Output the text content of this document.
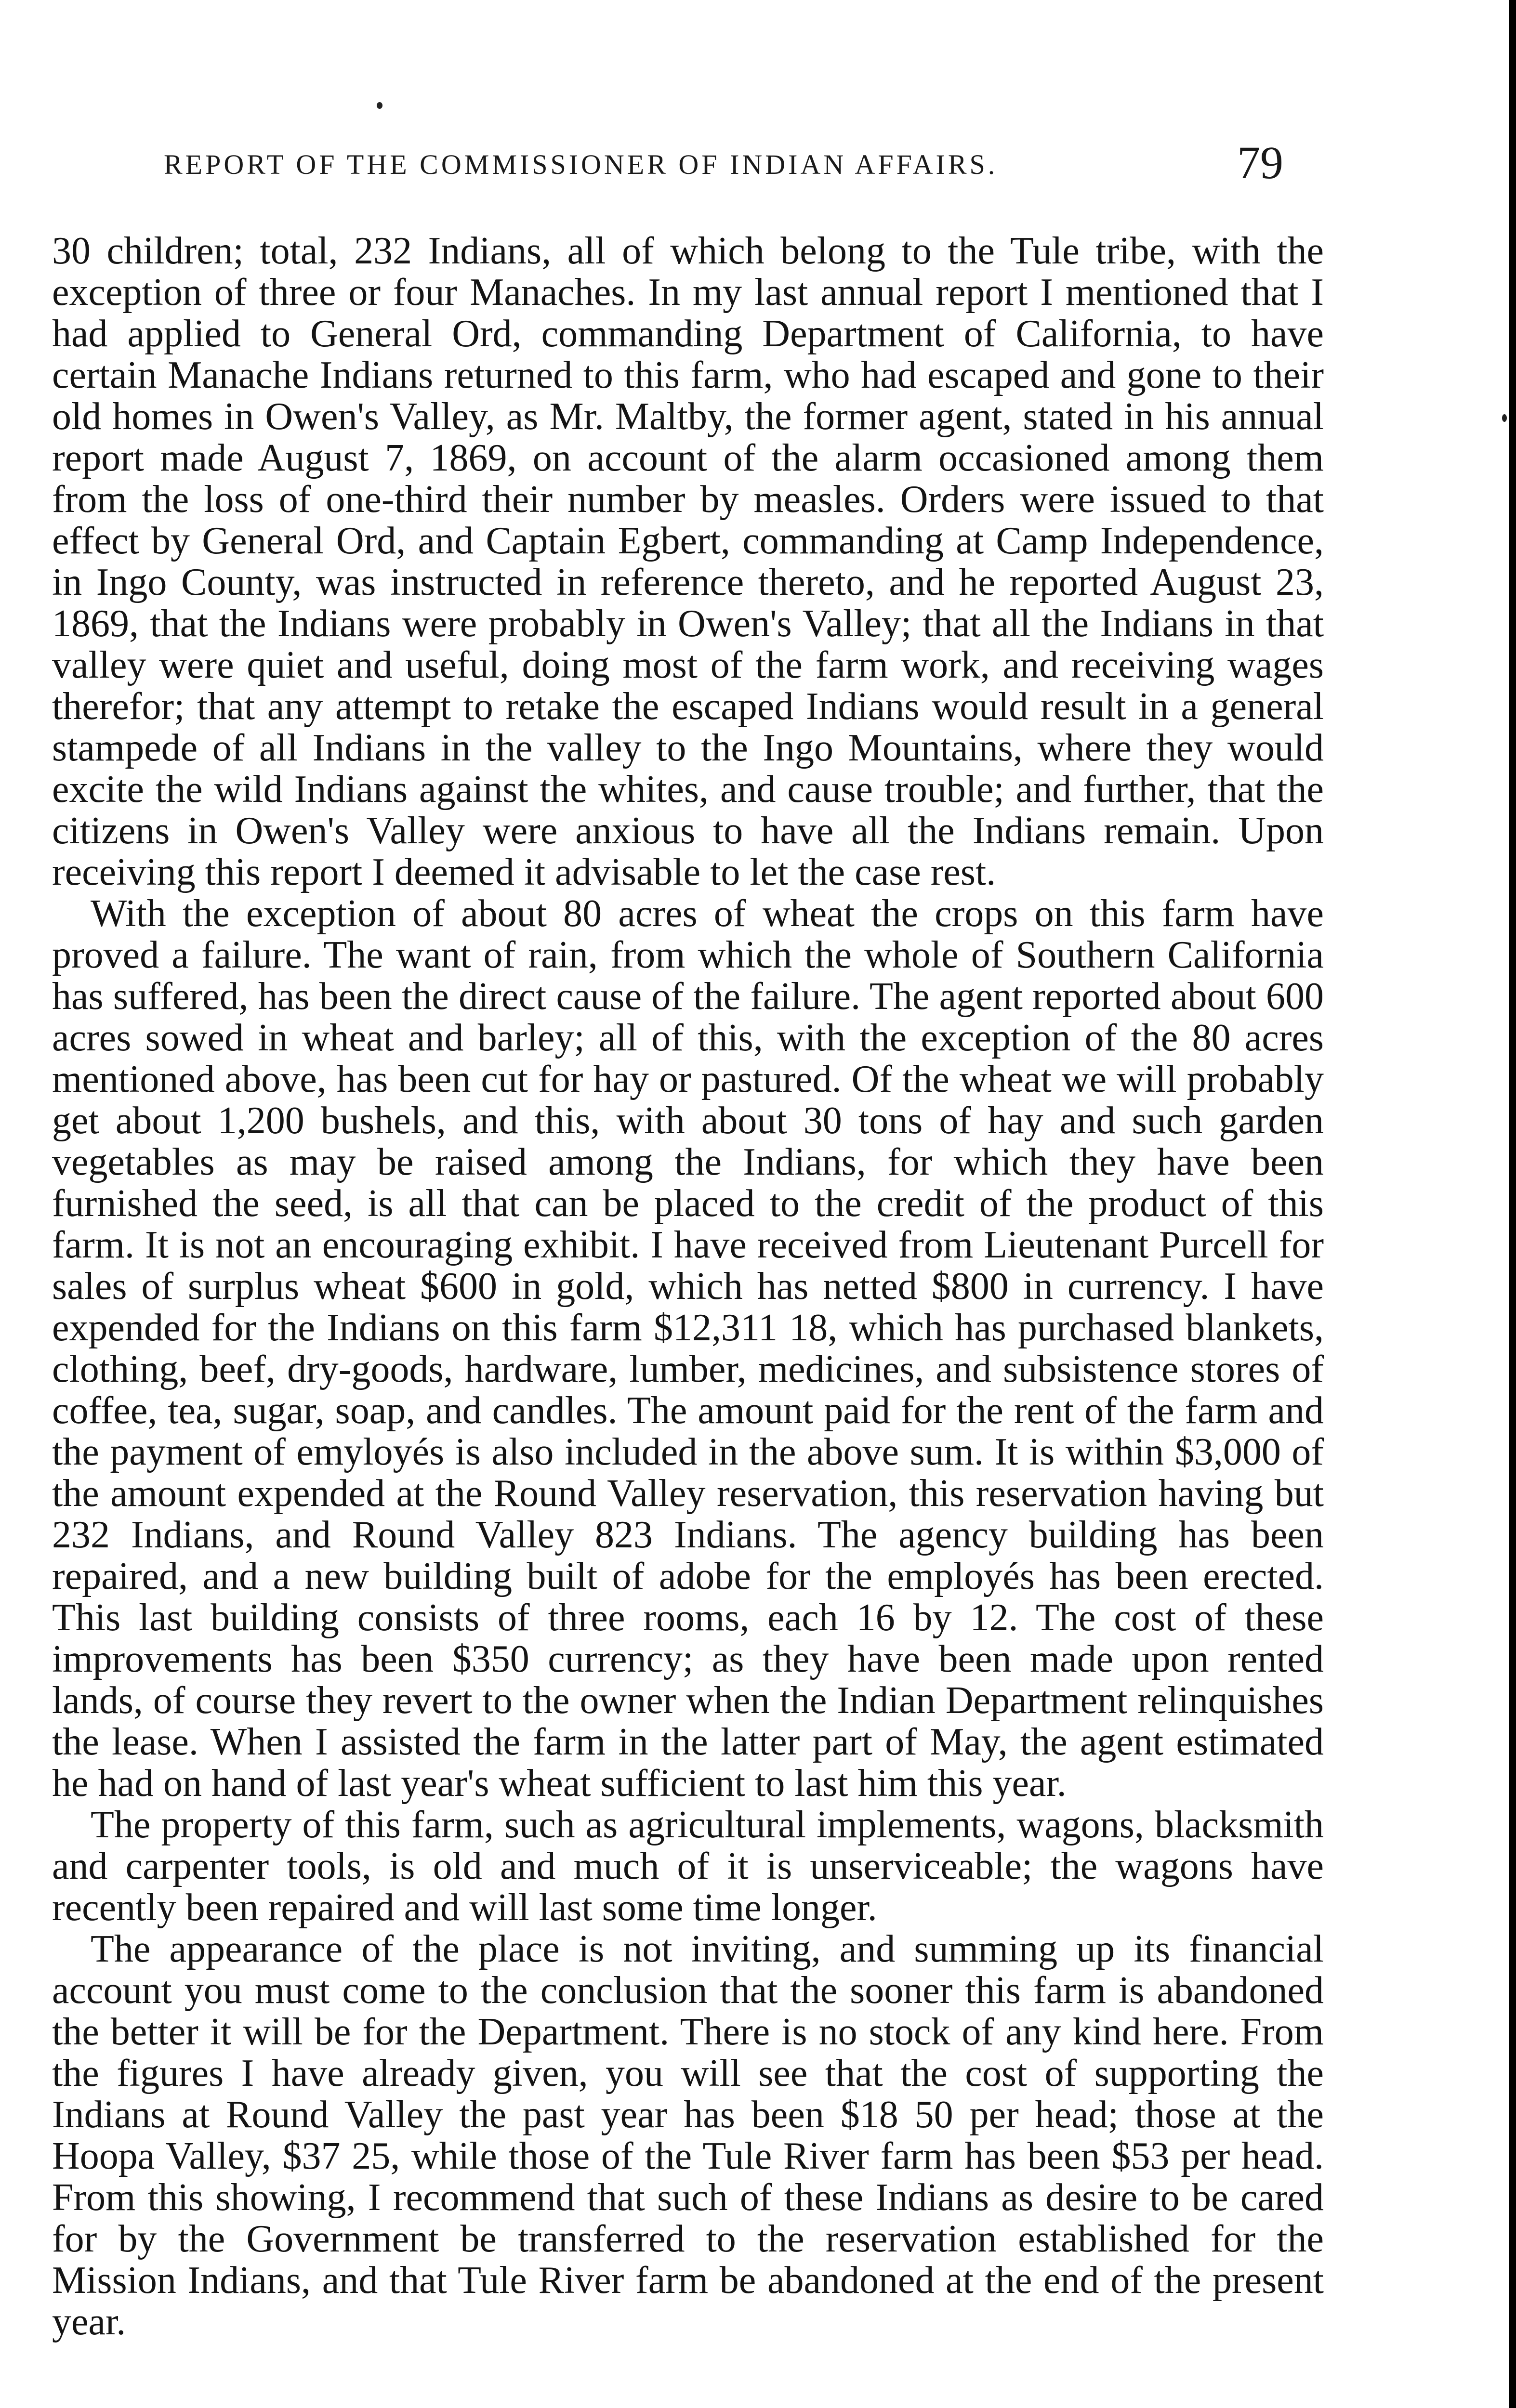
REPORT OF THE COMMISSIONER OF INDIAN AFFAIRS.	79

30 children; total, 232 Indians, all of which belong to the Tule tribe, with the exception of three or four Manaches. In my last annual report I mentioned that I had applied to General Ord, commanding Department of California, to have certain Manache Indians returned to this farm, who had escaped and gone to their old homes in Owen's Valley, as Mr. Maltby, the former agent, stated in his annual report made August 7, 1869, on account of the alarm occasioned among them from the loss of one-third their number by measles. Orders were issued to that effect by General Ord, and Captain Egbert, commanding at Camp Independence, in Ingo County, was instructed in reference thereto, and he reported August 23, 1869, that the Indians were probably in Owen's Valley; that all the Indians in that valley were quiet and useful, doing most of the farm work, and receiving wages therefor; that any attempt to retake the escaped Indians would result in a general stampede of all Indians in the valley to the Ingo Mountains, where they would excite the wild Indians against the whites, and cause trouble; and further, that the citizens in Owen's Valley were anxious to have all the Indians remain. Upon receiving this report I deemed it advisable to let the case rest.

With the exception of about 80 acres of wheat the crops on this farm have proved a failure. The want of rain, from which the whole of Southern California has suffered, has been the direct cause of the failure. The agent reported about 600 acres sowed in wheat and barley; all of this, with the exception of the 80 acres mentioned above, has been cut for hay or pastured. Of the wheat we will probably get about 1,200 bushels, and this, with about 30 tons of hay and such garden vegetables as may be raised among the Indians, for which they have been furnished the seed, is all that can be placed to the credit of the product of this farm. It is not an encouraging exhibit. I have received from Lieutenant Purcell for sales of surplus wheat $600 in gold, which has netted $800 in currency. I have expended for the Indians on this farm $12,311 18, which has purchased blankets, clothing, beef, dry-goods, hardware, lumber, medicines, and subsistence stores of coffee, tea, sugar, soap, and candles. The amount paid for the rent of the farm and the payment of emyloyés is also included in the above sum. It is within $3,000 of the amount expended at the Round Valley reservation, this reservation having but 232 Indians, and Round Valley 823 Indians. The agency building has been repaired, and a new building built of adobe for the employés has been erected. This last building consists of three rooms, each 16 by 12. The cost of these improvements has been $350 currency; as they have been made upon rented lands, of course they revert to the owner when the Indian Department relinquishes the lease. When I assisted the farm in the latter part of May, the agent estimated he had on hand of last year's wheat sufficient to last him this year.

The property of this farm, such as agricultural implements, wagons, blacksmith and carpenter tools, is old and much of it is unserviceable; the wagons have recently been repaired and will last some time longer.

The appearance of the place is not inviting, and summing up its financial account you must come to the conclusion that the sooner this farm is abandoned the better it will be for the Department. There is no stock of any kind here. From the figures I have already given, you will see that the cost of supporting the Indians at Round Valley the past year has been $18 50 per head; those at the Hoopa Valley, $37 25, while those of the Tule River farm has been $53 per head. From this showing, I recommend that such of these Indians as desire to be cared for by the Government be transferred to the reservation established for the Mission Indians, and that Tule River farm be abandoned at the end of the present year.
